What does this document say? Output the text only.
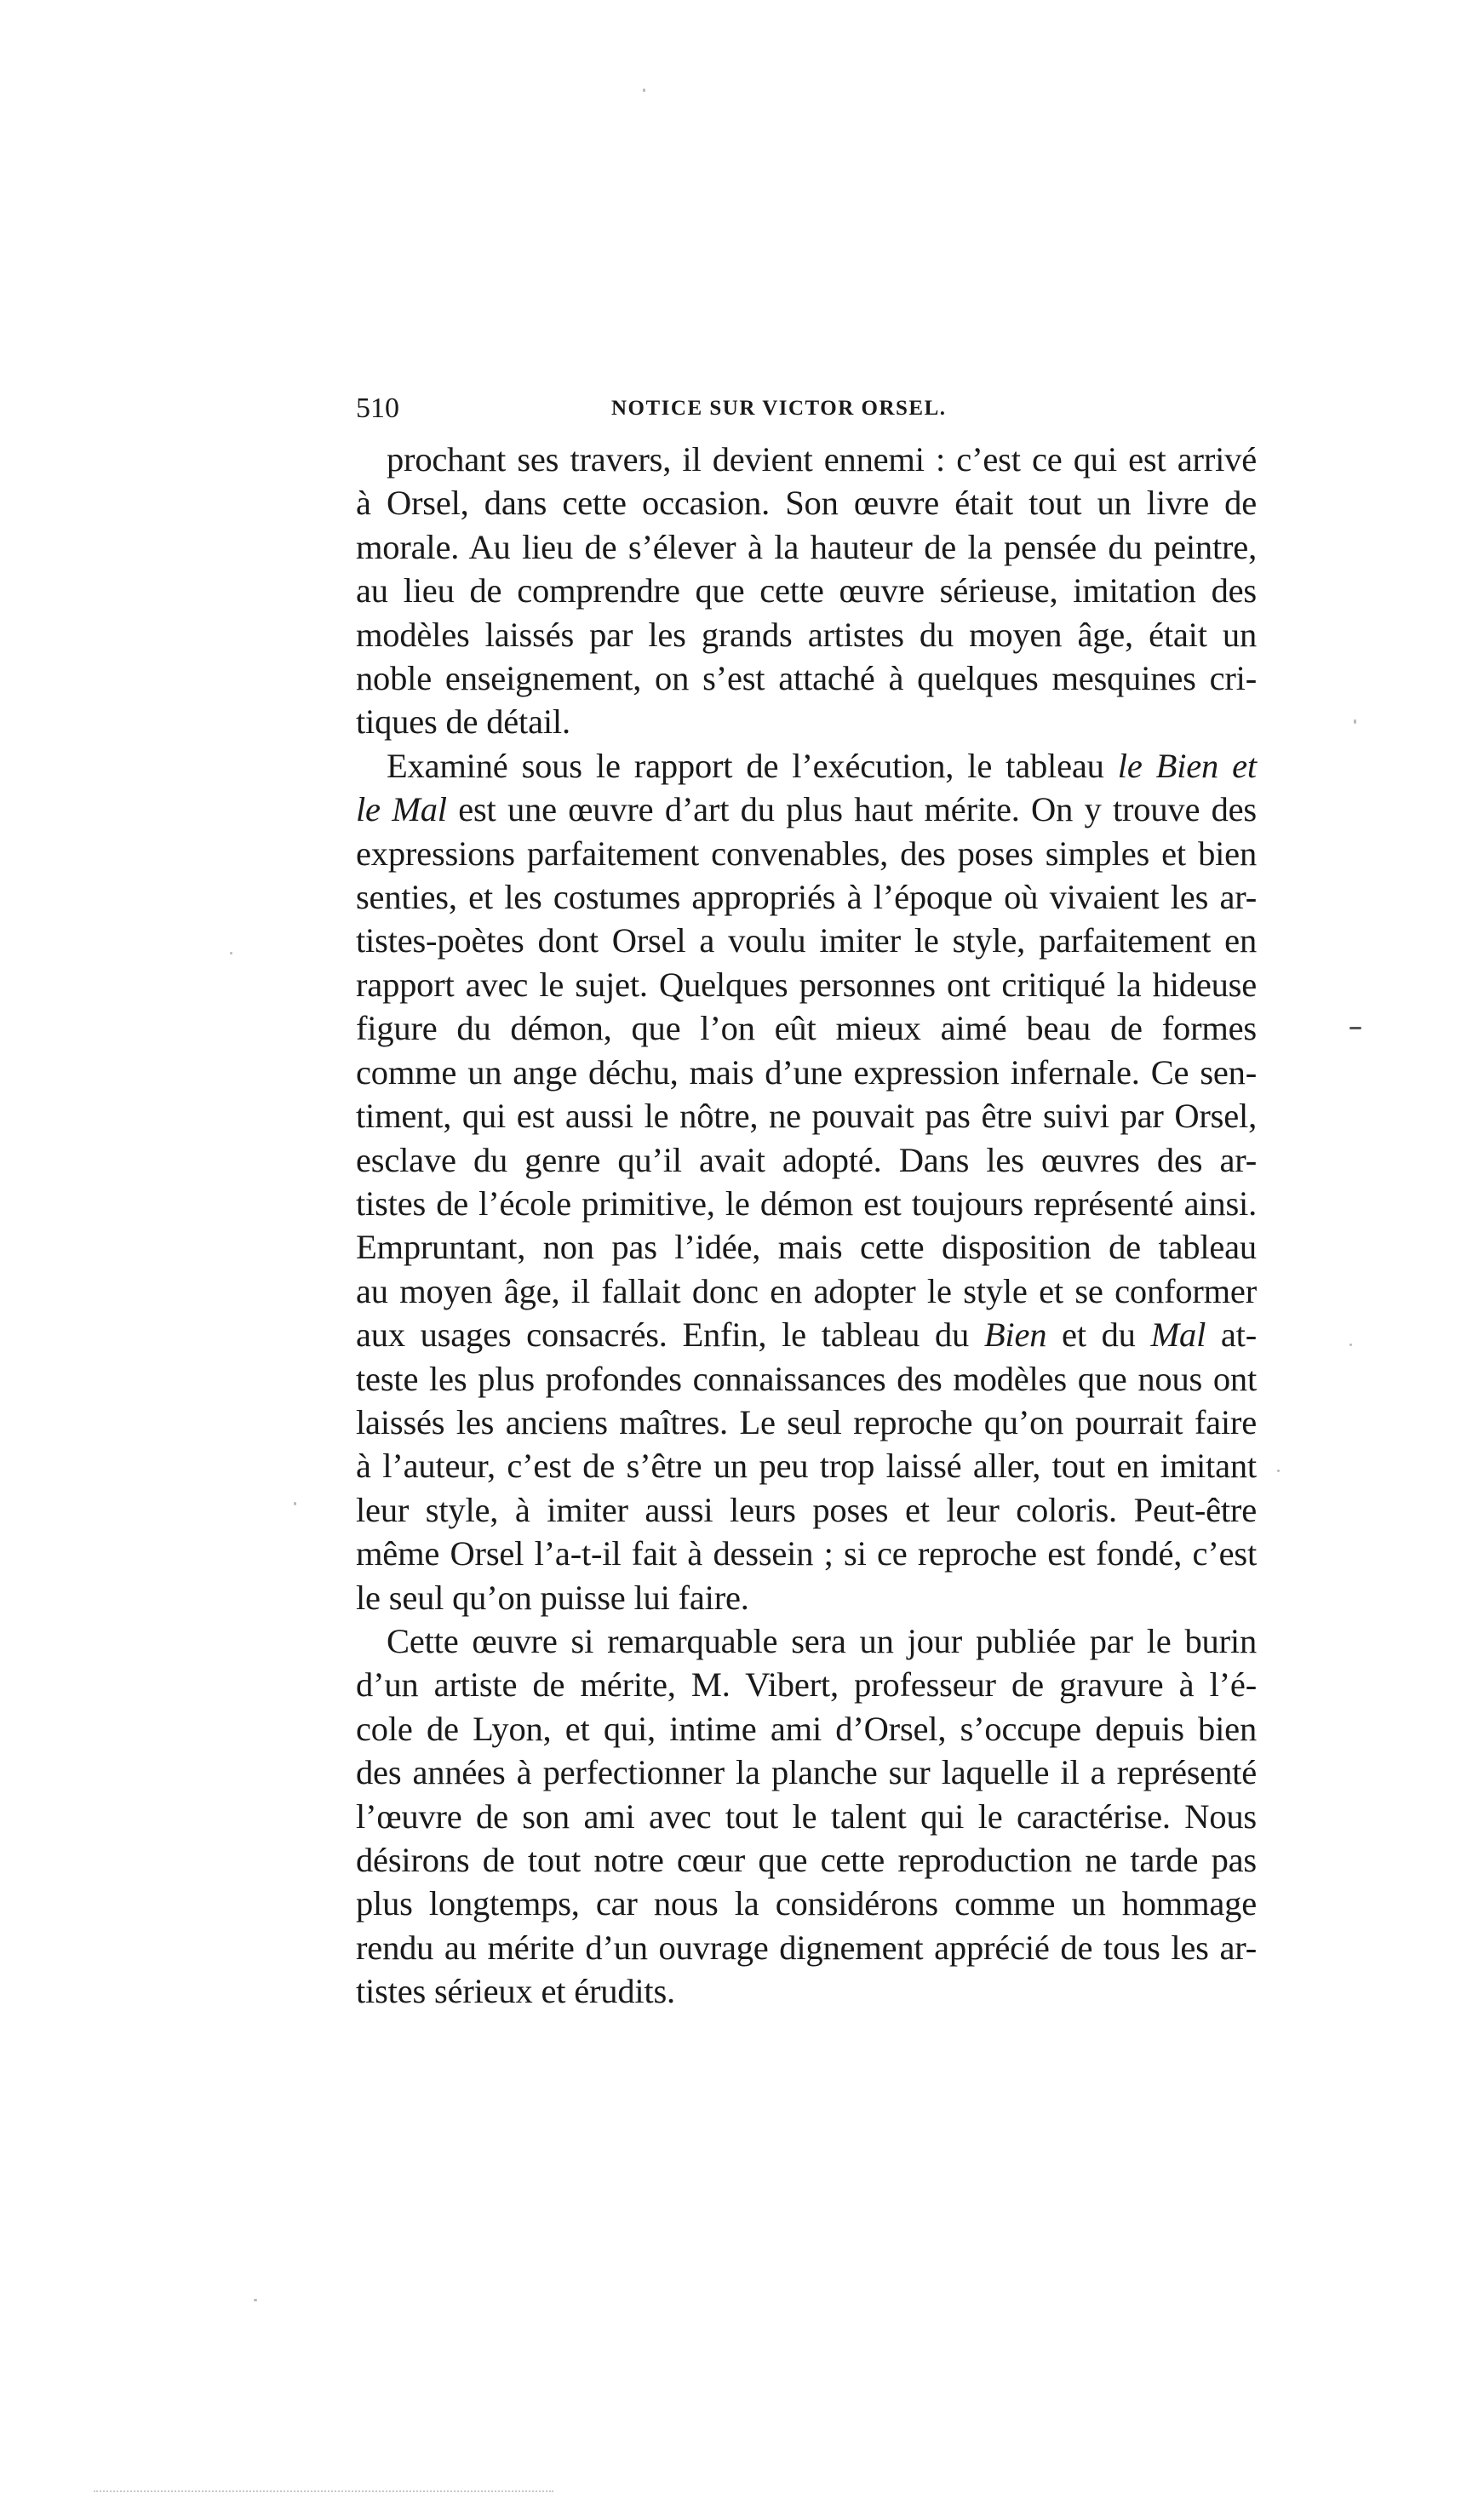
510	NOTICE SUR VICTOR ORSEL.

prochant ses travers, il devient ennemi : c’est ce qui est arrivé
à Orsel, dans cette occasion. Son œuvre était tout un livre de
morale. Au lieu de s’élever à la hauteur de la pensée du peintre,
au lieu de comprendre que cette œuvre sérieuse, imitation des
modèles laissés par les grands artistes du moyen âge, était un
noble enseignement, on s’est attaché à quelques mesquines cri-
tiques de détail.

Examiné sous le rapport de l’exécution, le tableau le Bien et
le Mal est une œuvre d’art du plus haut mérite. On y trouve des
expressions parfaitement convenables, des poses simples et bien
senties, et les costumes appropriés à l’époque où vivaient les ar-
tistes-poètes dont Orsel a voulu imiter le style, parfaitement en
rapport avec le sujet. Quelques personnes ont critiqué la hideuse
figure du démon, que l’on eût mieux aimé beau de formes
comme un ange déchu, mais d’une expression infernale. Ce sen-
timent, qui est aussi le nôtre, ne pouvait pas être suivi par Orsel,
esclave du genre qu’il avait adopté. Dans les œuvres des ar-
tistes de l’école primitive, le démon est toujours représenté ainsi.
Empruntant, non pas l’idée, mais cette disposition de tableau
au moyen âge, il fallait donc en adopter le style et se conformer
aux usages consacrés. Enfin, le tableau du Bien et du Mal at-
teste les plus profondes connaissances des modèles que nous ont
laissés les anciens maîtres. Le seul reproche qu’on pourrait faire
à l’auteur, c’est de s’être un peu trop laissé aller, tout en imitant
leur style, à imiter aussi leurs poses et leur coloris. Peut-être
même Orsel l’a-t-il fait à dessein ; si ce reproche est fondé, c’est
le seul qu’on puisse lui faire.

Cette œuvre si remarquable sera un jour publiée par le burin
d’un artiste de mérite, M. Vibert, professeur de gravure à l’é-
cole de Lyon, et qui, intime ami d’Orsel, s’occupe depuis bien
des années à perfectionner la planche sur laquelle il a représenté
l’œuvre de son ami avec tout le talent qui le caractérise. Nous
désirons de tout notre cœur que cette reproduction ne tarde pas
plus longtemps, car nous la considérons comme un hommage
rendu au mérite d’un ouvrage dignement apprécié de tous les ar-
tistes sérieux et érudits.
